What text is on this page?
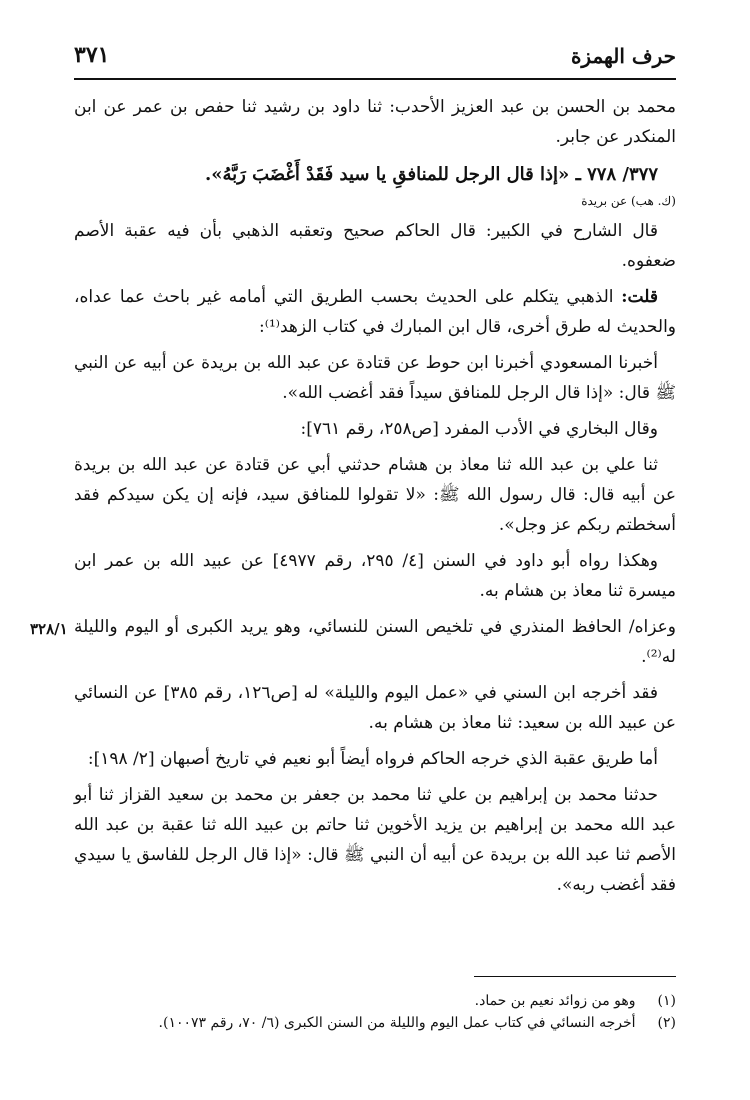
حرف الهمزة
٣٧١

محمد بن الحسن بن عبد العزيز الأحدب: ثنا داود بن رشيد ثنا حفص بن عمر عن ابن المنكدر عن جابر.

٣٧٧/ ٧٧٨ ـ «إذا قال الرجل للمنافقِ يا سيد فَقَدْ أَغْضَبَ رَبَّهُ».

(ك. هب) عن بريدة

قال الشارح في الكبير: قال الحاكم صحيح وتعقبه الذهبي بأن فيه عقبة الأصم ضعفوه.

قلت: الذهبي يتكلم على الحديث بحسب الطريق التي أمامه غير باحث عما عداه، والحديث له طرق أخرى، قال ابن المبارك في كتاب الزهد⁽¹⁾:

أخبرنا المسعودي أخبرنا ابن حوط عن قتادة عن عبد الله بن بريدة عن أبيه عن النبي ﷺ قال: «إذا قال الرجل للمنافق سيداً فقد أغضب الله».

وقال البخاري في الأدب المفرد [ص٢٥٨، رقم ٧٦١]:

ثنا علي بن عبد الله ثنا معاذ بن هشام حدثني أبي عن قتادة عن عبد الله بن بريدة عن أبيه قال: قال رسول الله ﷺ: «لا تقولوا للمنافق سيد، فإنه إن يكن سيدكم فقد أسخطتم ربكم عز وجل».

وهكذا رواه أبو داود في السنن [٤/ ٢٩٥، رقم ٤٩٧٧] عن عبيد الله بن عمر ابن ميسرة ثنا معاذ بن هشام به.

٣٢٨/١ وعزاه/ الحافظ المنذري في تلخيص السنن للنسائي، وهو يريد الكبرى أو اليوم والليلة له⁽²⁾.

فقد أخرجه ابن السني في «عمل اليوم والليلة» له [ص١٢٦، رقم ٣٨٥] عن النسائي عن عبيد الله بن سعيد: ثنا معاذ بن هشام به.

أما طريق عقبة الذي خرجه الحاكم فرواه أيضاً أبو نعيم في تاريخ أصبهان [٢/ ١٩٨]:

حدثنا محمد بن إبراهيم بن علي ثنا محمد بن جعفر بن محمد بن سعيد القزاز ثنا أبو عبد الله محمد بن إبراهيم بن يزيد الأخوين ثنا حاتم بن عبيد الله ثنا عقبة بن عبد الله الأصم ثنا عبد الله بن بريدة عن أبيه أن النبي ﷺ قال: «إذا قال الرجل للفاسق يا سيدي فقد أغضب ربه».

(١)
وهو من زوائد نعيم بن حماد.
(٢)
أخرجه النسائي في كتاب عمل اليوم والليلة من السنن الكبرى (٦/ ٧٠، رقم ١٠٠٧٣).
